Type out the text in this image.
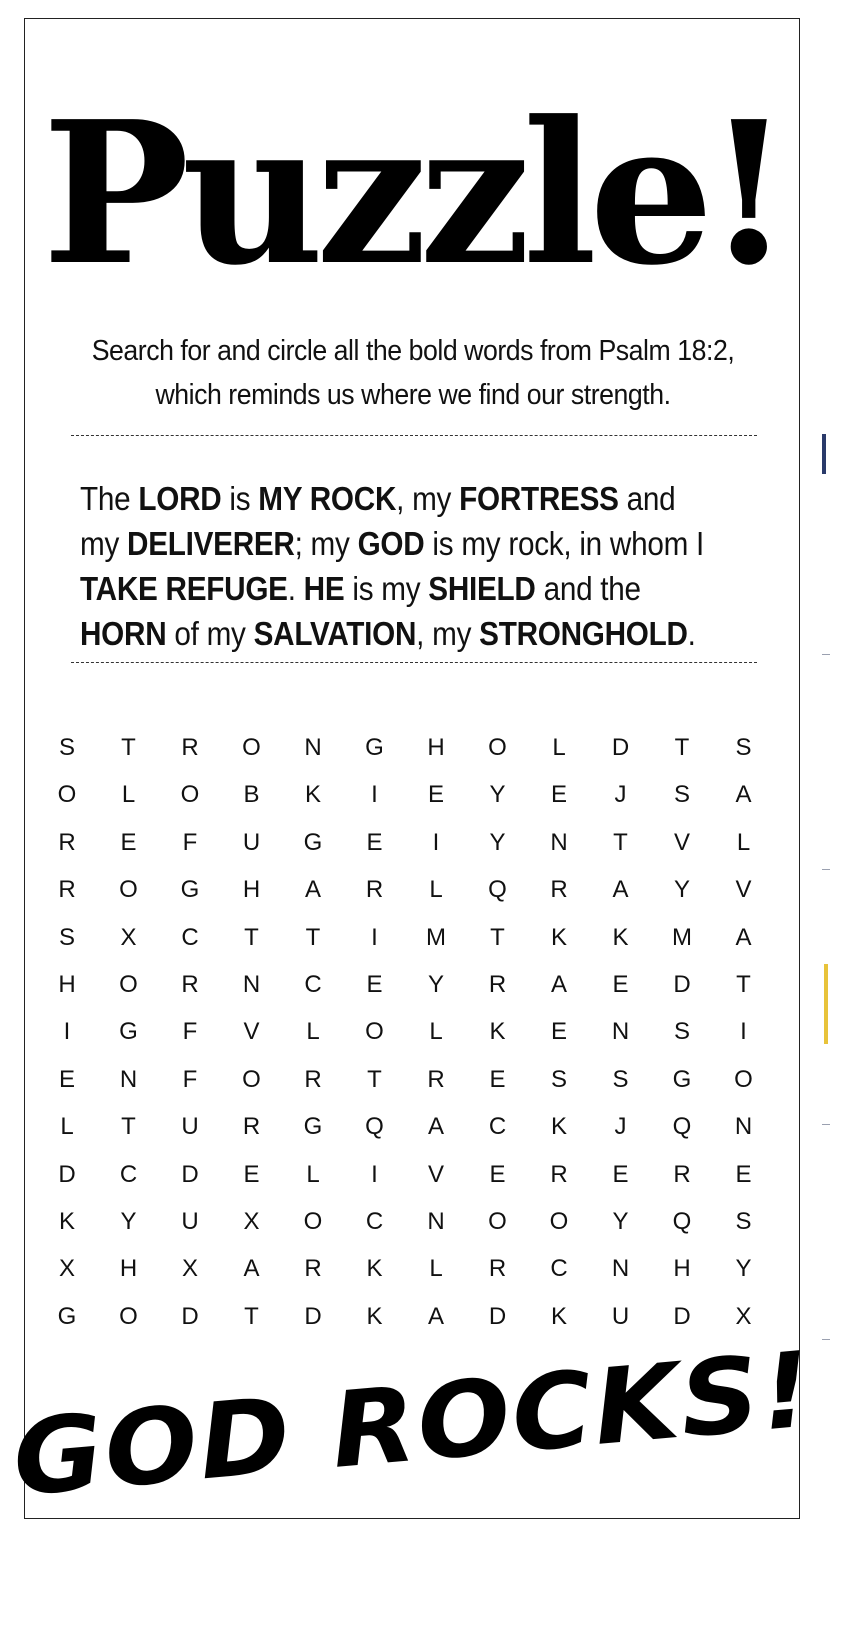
Puzzle!
Search for and circle all the bold words from Psalm 18:2,
which reminds us where we find our strength.
The LORD is MY ROCK, my FORTRESS and my DELIVERER; my GOD is my rock, in whom I TAKE REFUGE. HE is my SHIELD and the HORN of my SALVATION, my STRONGHOLD.
S	T	R	O	N	G	H	O	L	D	T	S
O	L	O	B	K	I	E	Y	E	J	S	A
R	E	F	U	G	E	I	Y	N	T	V	L
R	O	G	H	A	R	L	Q	R	A	Y	V
S	X	C	T	T	I	M	T	K	K	M	A
H	O	R	N	C	E	Y	R	A	E	D	T
I	G	F	V	L	O	L	K	E	N	S	I
E	N	F	O	R	T	R	E	S	S	G	O
L	T	U	R	G	Q	A	C	K	J	Q	N
D	C	D	E	L	I	V	E	R	E	R	E
K	Y	U	X	O	C	N	O	O	Y	Q	S
X	H	X	A	R	K	L	R	C	N	H	Y
G	O	D	T	D	K	A	D	K	U	D	X
GOD ROCKS!
